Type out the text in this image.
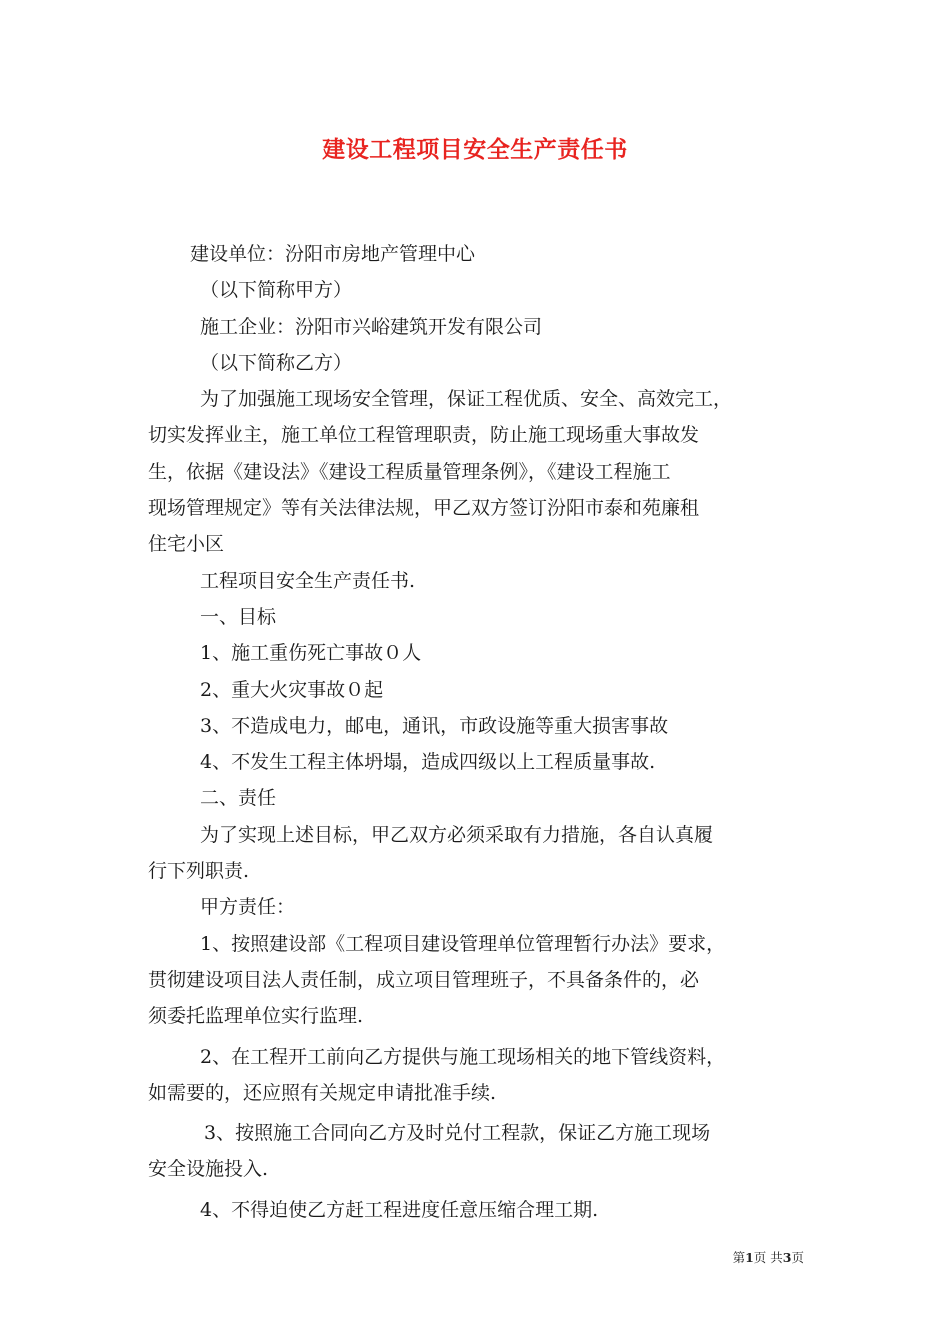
建设工程项目安全生产责任书

建设单位：汾阳市房地产管理中心

（以下简称甲方）

施工企业：汾阳市兴峪建筑开发有限公司

（以下简称乙方）

为了加强施工现场安全管理，保证工程优质、安全、高效完工，
切实发挥业主，施工单位工程管理职责，防止施工现场重大事故发
生，依据《建设法》《建设工程质量管理条例》，《建设工程施工
现场管理规定》等有关法律法规，甲乙双方签订汾阳市泰和苑廉租
住宅小区

工程项目安全生产责任书.

一、目标

1、施工重伤死亡事故０人

2、重大火灾事故０起

3、不造成电力，邮电，通讯，市政设施等重大损害事故

4、不发生工程主体坍塌，造成四级以上工程质量事故.

二、责任

为了实现上述目标，甲乙双方必须采取有力措施，各自认真履
行下列职责.

甲方责任：

1、按照建设部《工程项目建设管理单位管理暂行办法》要求，
贯彻建设项目法人责任制，成立项目管理班子，不具备条件的，必
须委托监理单位实行监理.
2、在工程开工前向乙方提供与施工现场相关的地下管线资料，
如需要的，还应照有关规定申请批准手续.
3、按照施工合同向乙方及时兑付工程款，保证乙方施工现场
安全设施投入.

4、不得迫使乙方赶工程进度任意压缩合理工期.

第1页 共3页
